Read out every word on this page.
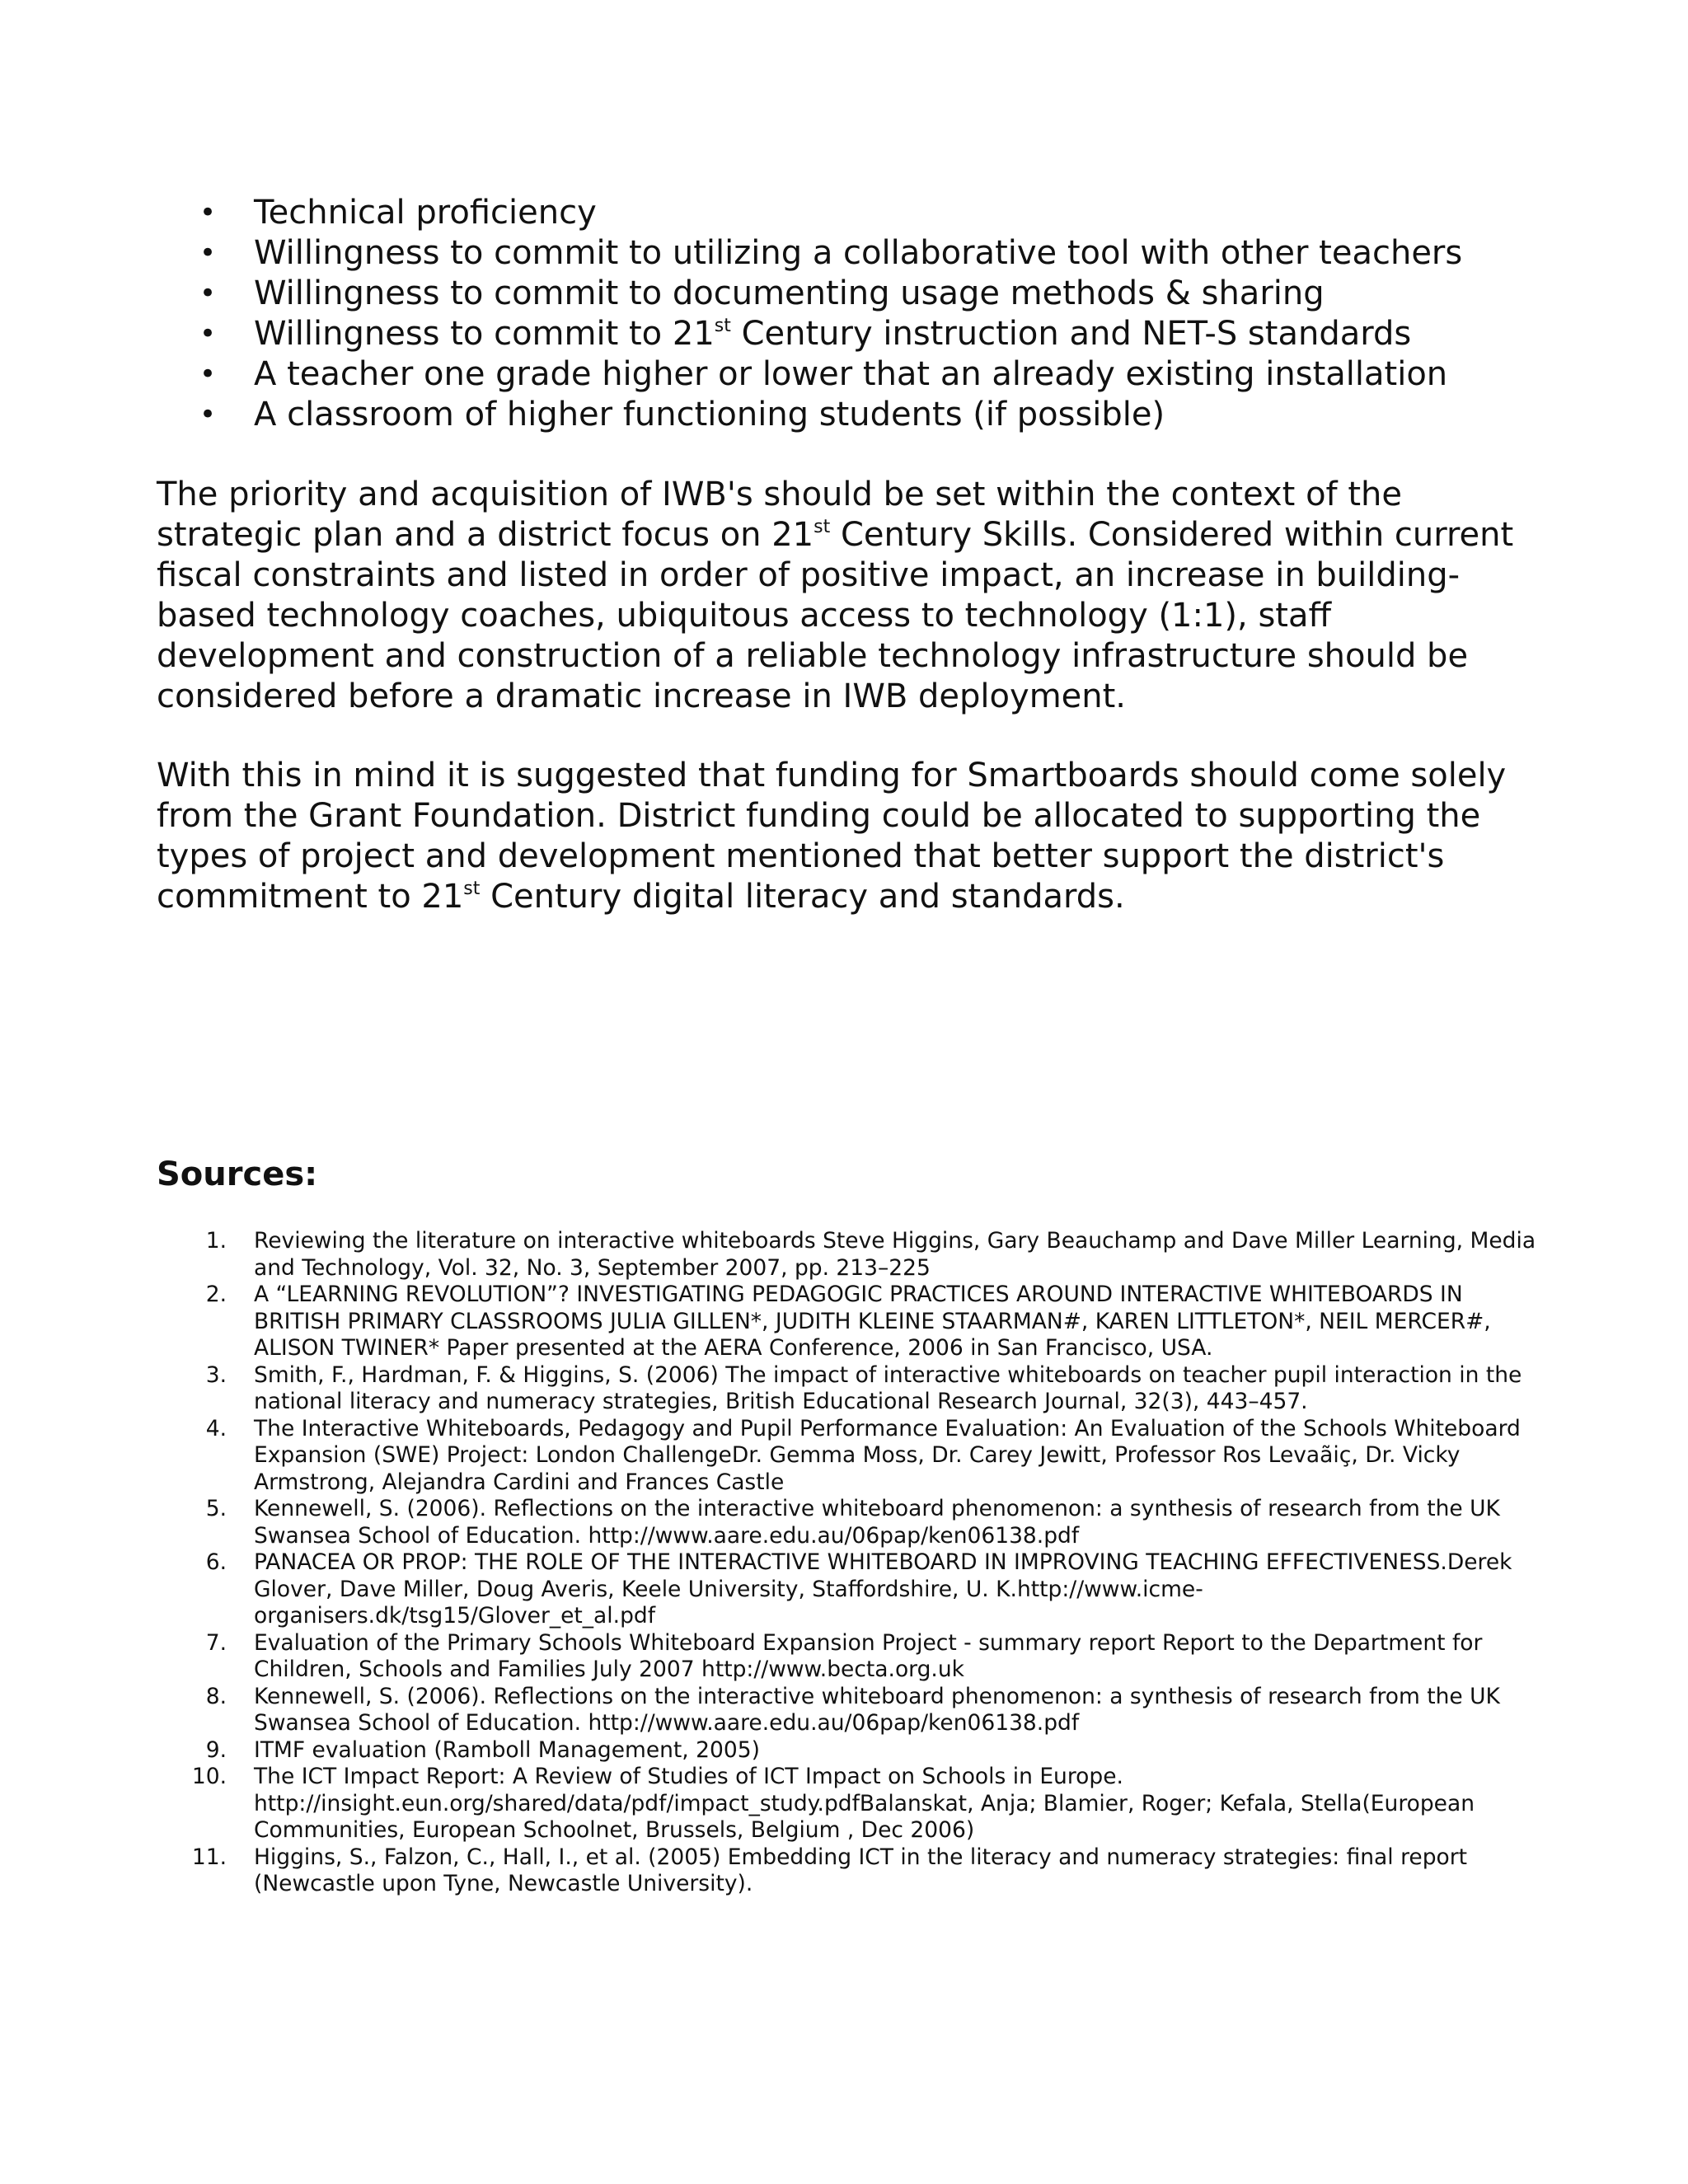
• Technical proficiency
• Willingness to commit to utilizing a collaborative tool with other teachers
• Willingness to commit to documenting usage methods & sharing
• Willingness to commit to 21st Century instruction and NET-S standards
• A teacher one grade higher or lower that an already existing installation
• A classroom of higher functioning students (if possible)

The priority and acquisition of IWB's should be set within the context of the strategic plan and a district focus on 21st Century Skills. Considered within current fiscal constraints and listed in order of positive impact, an increase in building-based technology coaches, ubiquitous access to technology (1:1), staff development and construction of a reliable technology infrastructure should be considered before a dramatic increase in IWB deployment.

With this in mind it is suggested that funding for Smartboards should come solely from the Grant Foundation. District funding could be allocated to supporting the types of project and development mentioned that better support the district's commitment to 21st Century digital literacy and standards.

Sources:
1. Reviewing the literature on interactive whiteboards Steve Higgins, Gary Beauchamp and Dave Miller Learning, Media and Technology, Vol. 32, No. 3, September 2007, pp. 213–225
2. A “LEARNING REVOLUTION”? INVESTIGATING PEDAGOGIC PRACTICES AROUND INTERACTIVE WHITEBOARDS IN BRITISH PRIMARY CLASSROOMS JULIA GILLEN*, JUDITH KLEINE STAARMAN#, KAREN LITTLETON*, NEIL MERCER#, ALISON TWINER* Paper presented at the AERA Conference, 2006 in San Francisco, USA.
3. Smith, F., Hardman, F. & Higgins, S. (2006) The impact of interactive whiteboards on teacher pupil interaction in the national literacy and numeracy strategies, British Educational Research Journal, 32(3), 443–457.
4. The Interactive Whiteboards, Pedagogy and Pupil Performance Evaluation: An Evaluation of the Schools Whiteboard Expansion (SWE) Project: London ChallengeDr. Gemma Moss, Dr. Carey Jewitt, Professor Ros Levaãiç, Dr. Vicky Armstrong, Alejandra Cardini and Frances Castle
5. Kennewell, S. (2006). Reflections on the interactive whiteboard phenomenon: a synthesis of research from the UK Swansea School of Education. http://www.aare.edu.au/06pap/ken06138.pdf
6. PANACEA OR PROP: THE ROLE OF THE INTERACTIVE WHITEBOARD IN IMPROVING TEACHING EFFECTIVENESS.Derek Glover, Dave Miller, Doug Averis, Keele University, Staffordshire, U. K.http://www.icme-organisers.dk/tsg15/Glover_et_al.pdf
7. Evaluation of the Primary Schools Whiteboard Expansion Project - summary report Report to the Department for Children, Schools and Families July 2007 http://www.becta.org.uk
8. Kennewell, S. (2006). Reflections on the interactive whiteboard phenomenon: a synthesis of research from the UK Swansea School of Education. http://www.aare.edu.au/06pap/ken06138.pdf
9. ITMF evaluation (Ramboll Management, 2005)
10. The ICT Impact Report: A Review of Studies of ICT Impact on Schools in Europe. http://insight.eun.org/shared/data/pdf/impact_study.pdfBalanskat, Anja; Blamier, Roger; Kefala, Stella(European Communities, European Schoolnet, Brussels, Belgium , Dec 2006)
11. Higgins, S., Falzon, C., Hall, I., et al. (2005) Embedding ICT in the literacy and numeracy strategies: final report (Newcastle upon Tyne, Newcastle University).
